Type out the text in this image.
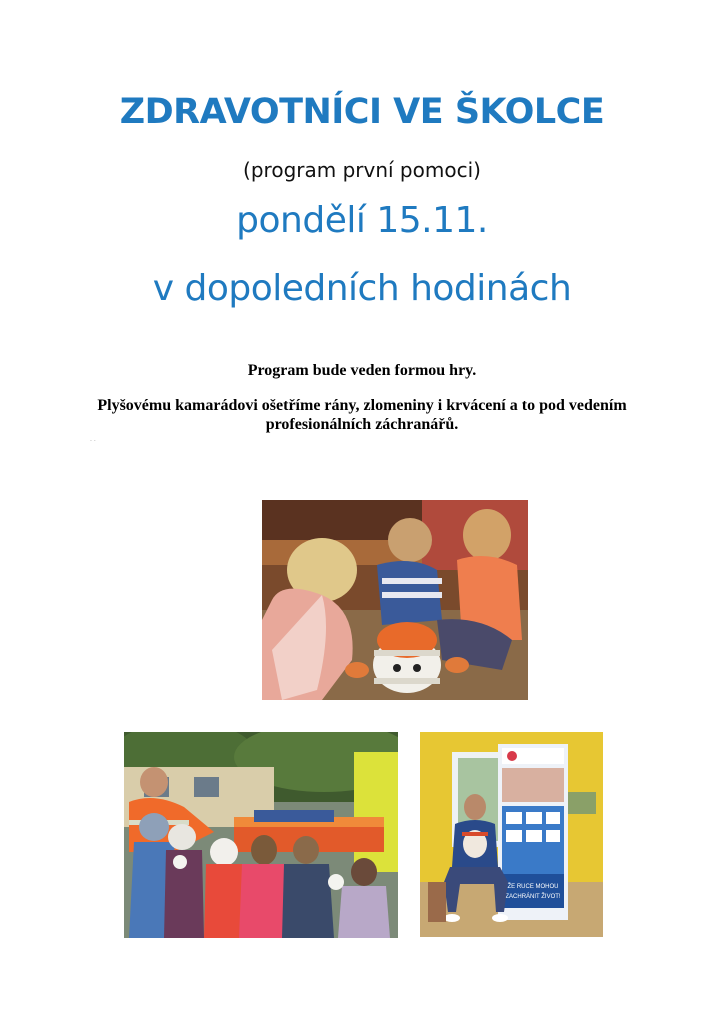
ZDRAVOTNÍCI VE ŠKOLCE
(program první pomoci)
pondělí 15.11.
v dopoledních hodinách
Program bude veden formou hry.
Plyšovému kamarádovi ošetříme rány, zlomeniny i krvácení a to pod vedením profesionálních záchranářů.
. .
ŽE RUCE MOHOU
ZACHRÁNIT ŽIVOT!
